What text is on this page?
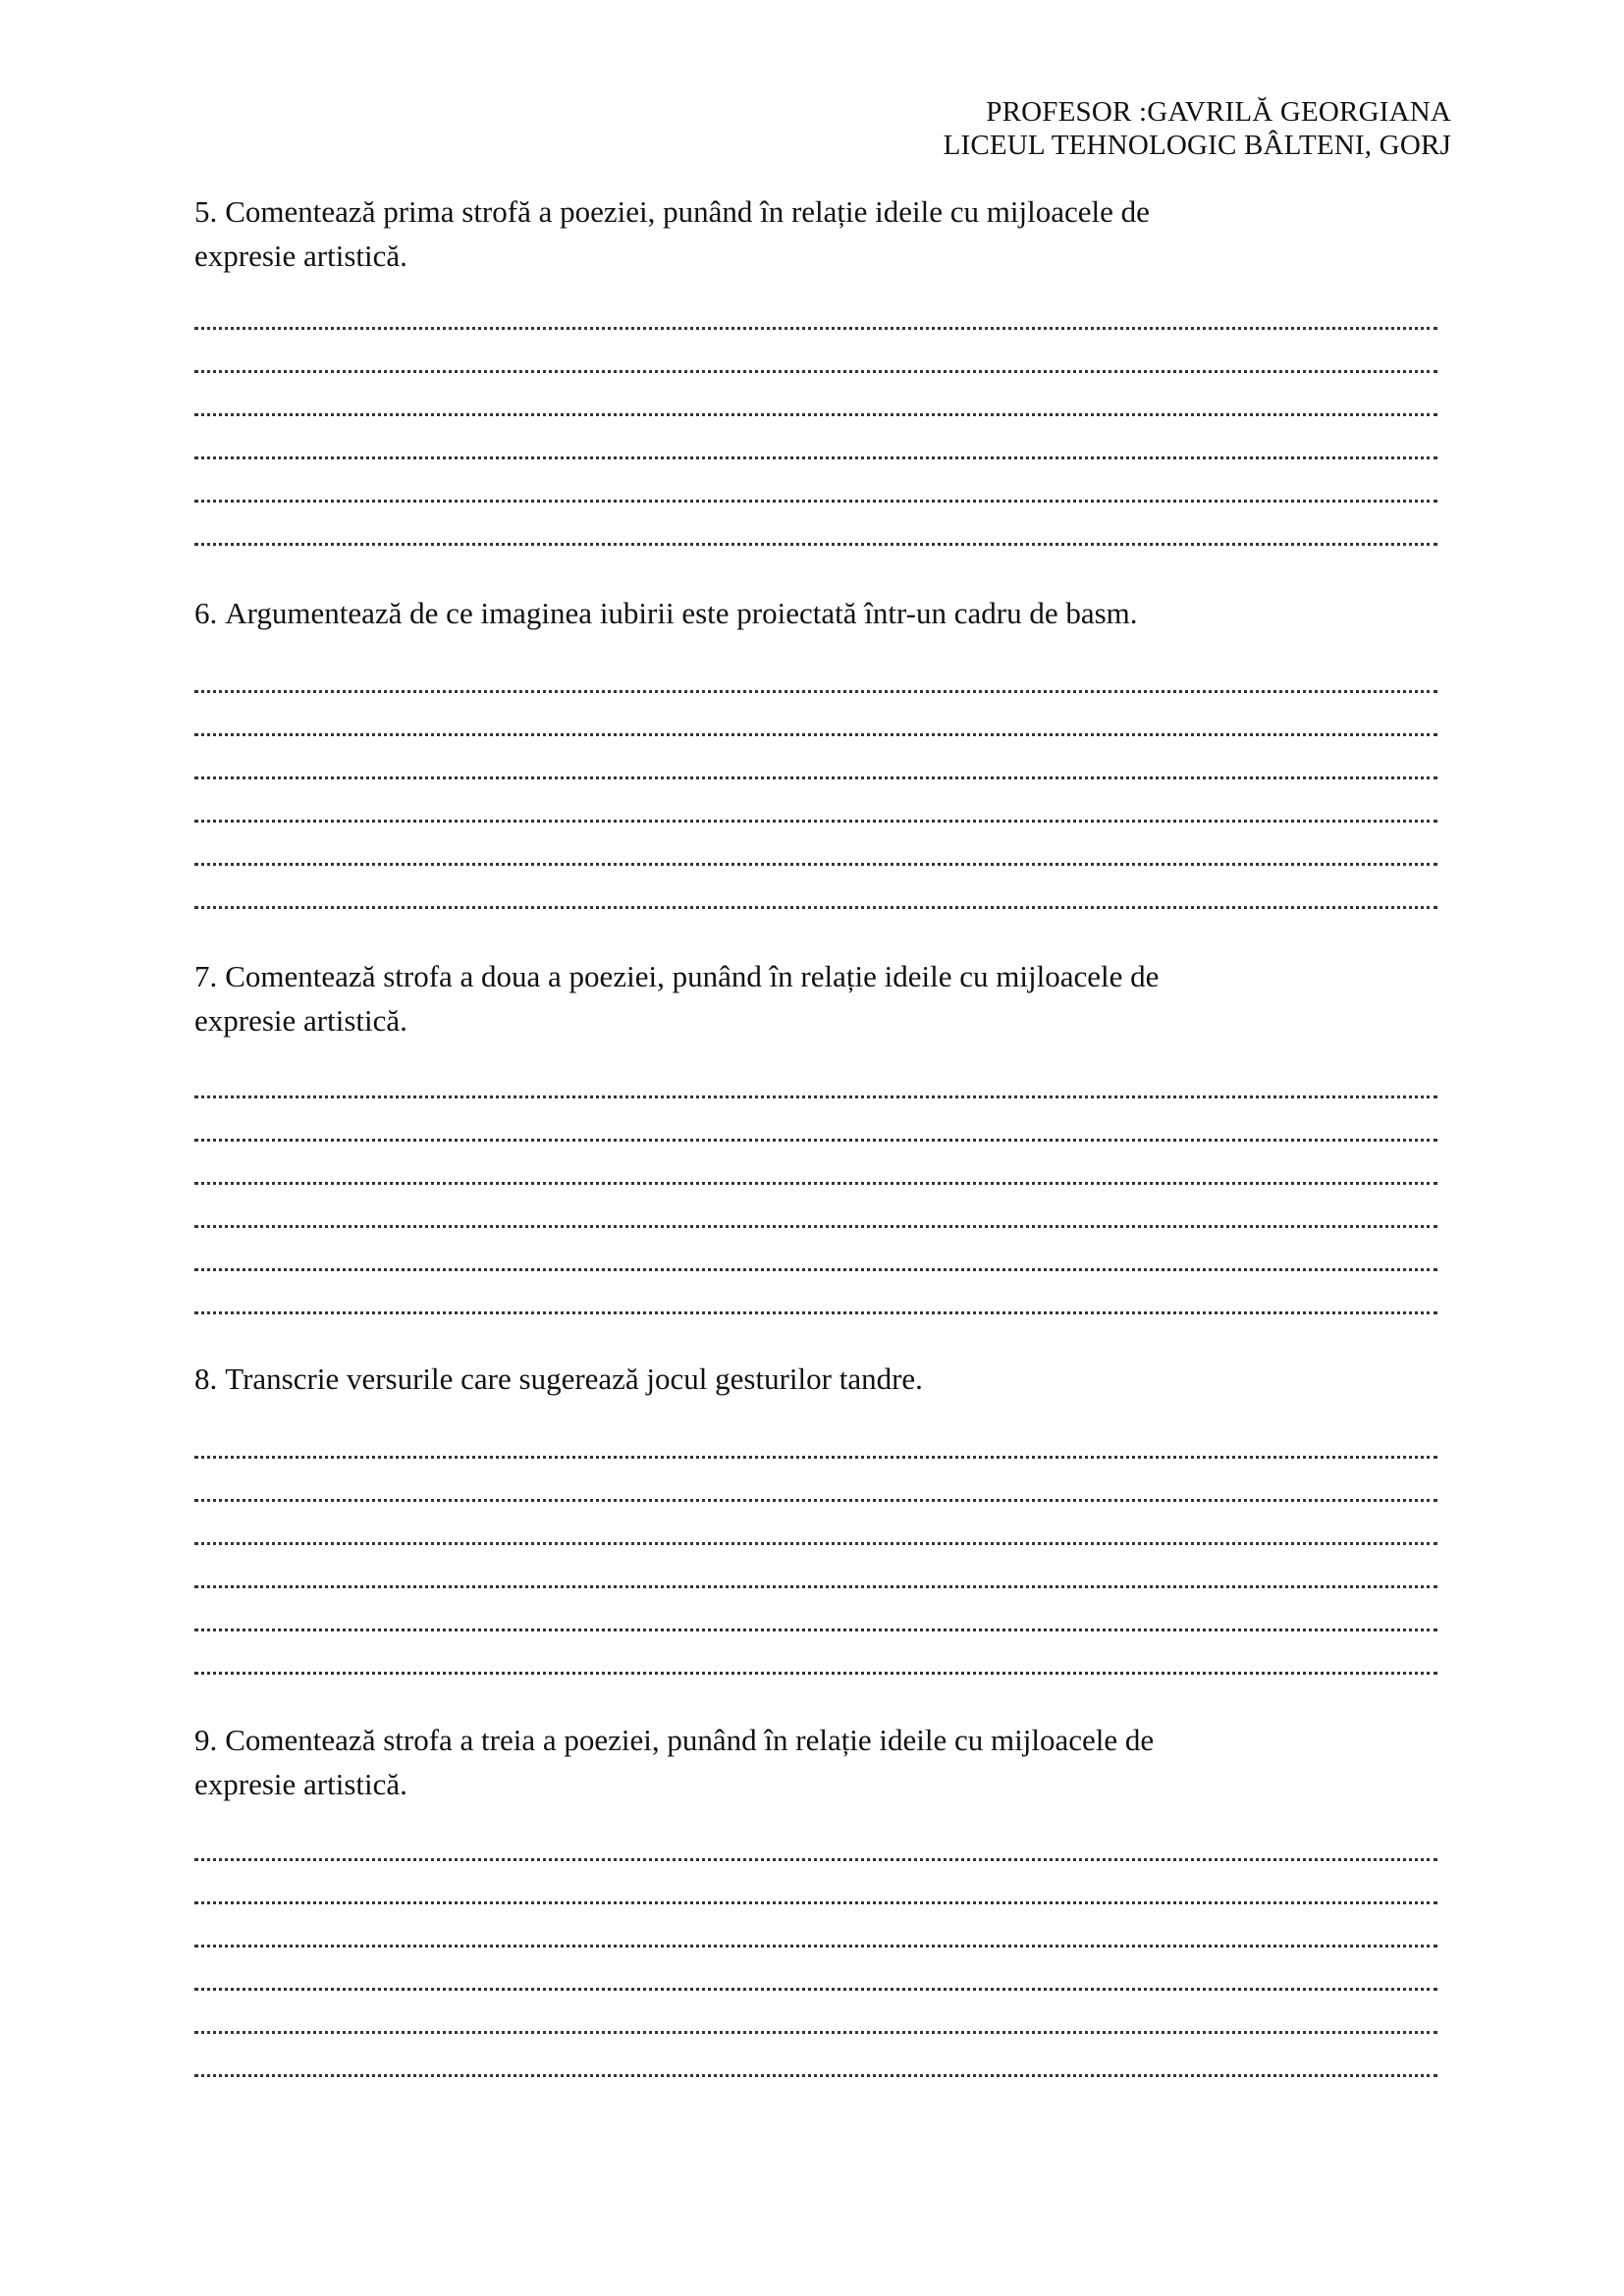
PROFESOR :GAVRILĂ GEORGIANA
LICEUL TEHNOLOGIC BÂLTENI, GORJ

5. Comentează prima strofă a poeziei, punând în relație ideile cu mijloacele de expresie artistică.

6. Argumentează de ce imaginea iubirii este proiectată într-un cadru de basm.

7. Comentează strofa a doua a poeziei, punând în relație ideile cu mijloacele de expresie artistică.

8. Transcrie versurile care sugerează jocul gesturilor tandre.

9. Comentează strofa a treia a poeziei, punând în relație ideile cu mijloacele de expresie artistică.
